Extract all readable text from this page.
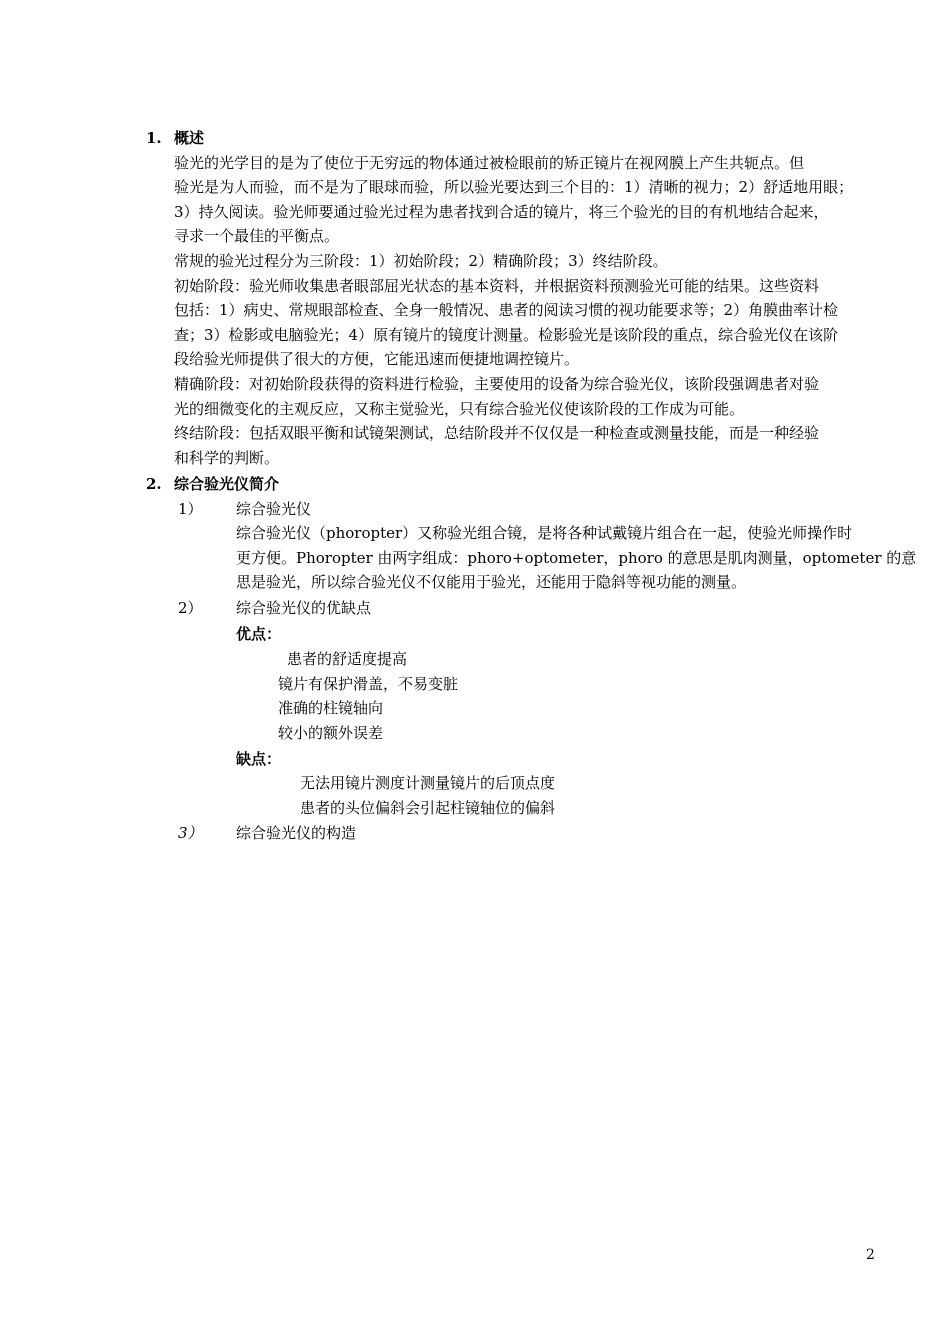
1. 概述
验光的光学目的是为了使位于无穷远的物体通过被检眼前的矫正镜片在视网膜上产生共轭点。但
验光是为人而验，而不是为了眼球而验，所以验光要达到三个目的：1）清晰的视力；2）舒适地用眼；
3）持久阅读。验光师要通过验光过程为患者找到合适的镜片，将三个验光的目的有机地结合起来，
寻求一个最佳的平衡点。
常规的验光过程分为三阶段：1）初始阶段；2）精确阶段；3）终结阶段。
初始阶段：验光师收集患者眼部屈光状态的基本资料，并根据资料预测验光可能的结果。这些资料
包括：1）病史、常规眼部检查、全身一般情况、患者的阅读习惯的视功能要求等；2）角膜曲率计检
查；3）检影或电脑验光；4）原有镜片的镜度计测量。检影验光是该阶段的重点，综合验光仪在该阶
段给验光师提供了很大的方便，它能迅速而便捷地调控镜片。
精确阶段：对初始阶段获得的资料进行检验，主要使用的设备为综合验光仪，该阶段强调患者对验
光的细微变化的主观反应，又称主觉验光，只有综合验光仪使该阶段的工作成为可能。
终结阶段：包括双眼平衡和试镜架测试，总结阶段并不仅仅是一种检查或测量技能，而是一种经验
和科学的判断。
2. 综合验光仪简介
1） 综合验光仪
综合验光仪（phoropter）又称验光组合镜，是将各种试戴镜片组合在一起，使验光师操作时
更方便。Phoropter 由两字组成：phoro+optometer，phoro 的意思是肌肉测量，optometer 的意
思是验光，所以综合验光仪不仅能用于验光，还能用于隐斜等视功能的测量。
2） 综合验光仪的优缺点
优点：
患者的舒适度提高
镜片有保护滑盖，不易变脏
准确的柱镜轴向
较小的额外误差
缺点：
无法用镜片测度计测量镜片的后顶点度
患者的头位偏斜会引起柱镜轴位的偏斜
3） 综合验光仪的构造
2
